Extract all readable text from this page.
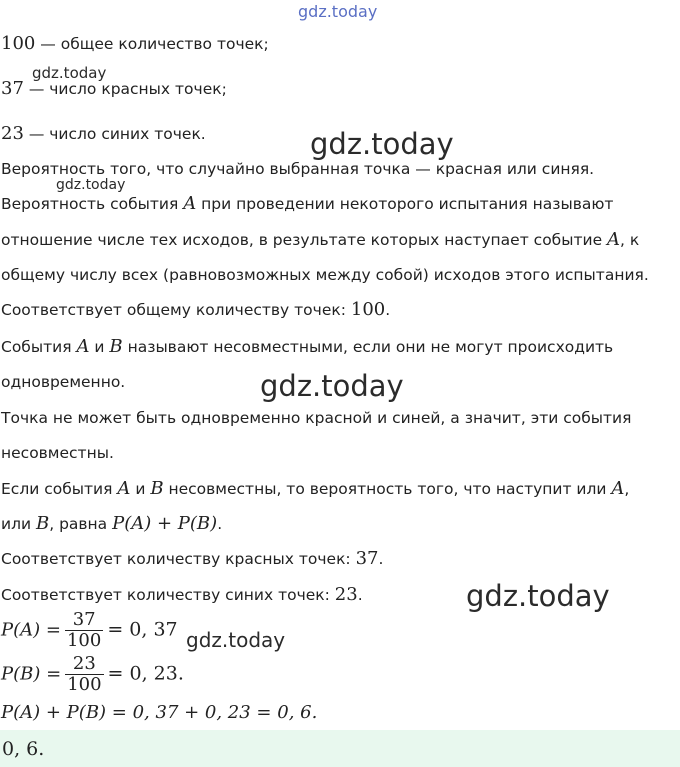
gdz.today
gdz.today
gdz.today
gdz.today
gdz.today
gdz.today
gdz.today
100 — общее количество точек;
37 — число красных точек;
23 — число синих точек.
Вероятность того, что случайно выбранная точка — красная или синяя.
Вероятность события A при проведении некоторого испытания называют
отношение числе тех исходов, в результате которых наступает событие A, к
общему числу всех (равновозможных между собой) исходов этого испытания.
Соответствует общему количеству точек: 100.
События A и B называют несовместными, если они не могут происходить
одновременно.
Точка не может быть одновременно красной и синей, а значит, эти события
несовместны.
Если события A и B несовместны, то вероятность того, что наступит или A,
или B, равна P(A) + P(B).
Соответствует количеству красных точек: 37.
Соответствует количеству синих точек: 23.
$P(A) = \frac{37}{100} = 0$, 37
$P(B) = \frac{23}{100} = 0$, 23.
P(A) + P(B) = 0, 37 + 0, 23 = 0, 6.
0, 6.
